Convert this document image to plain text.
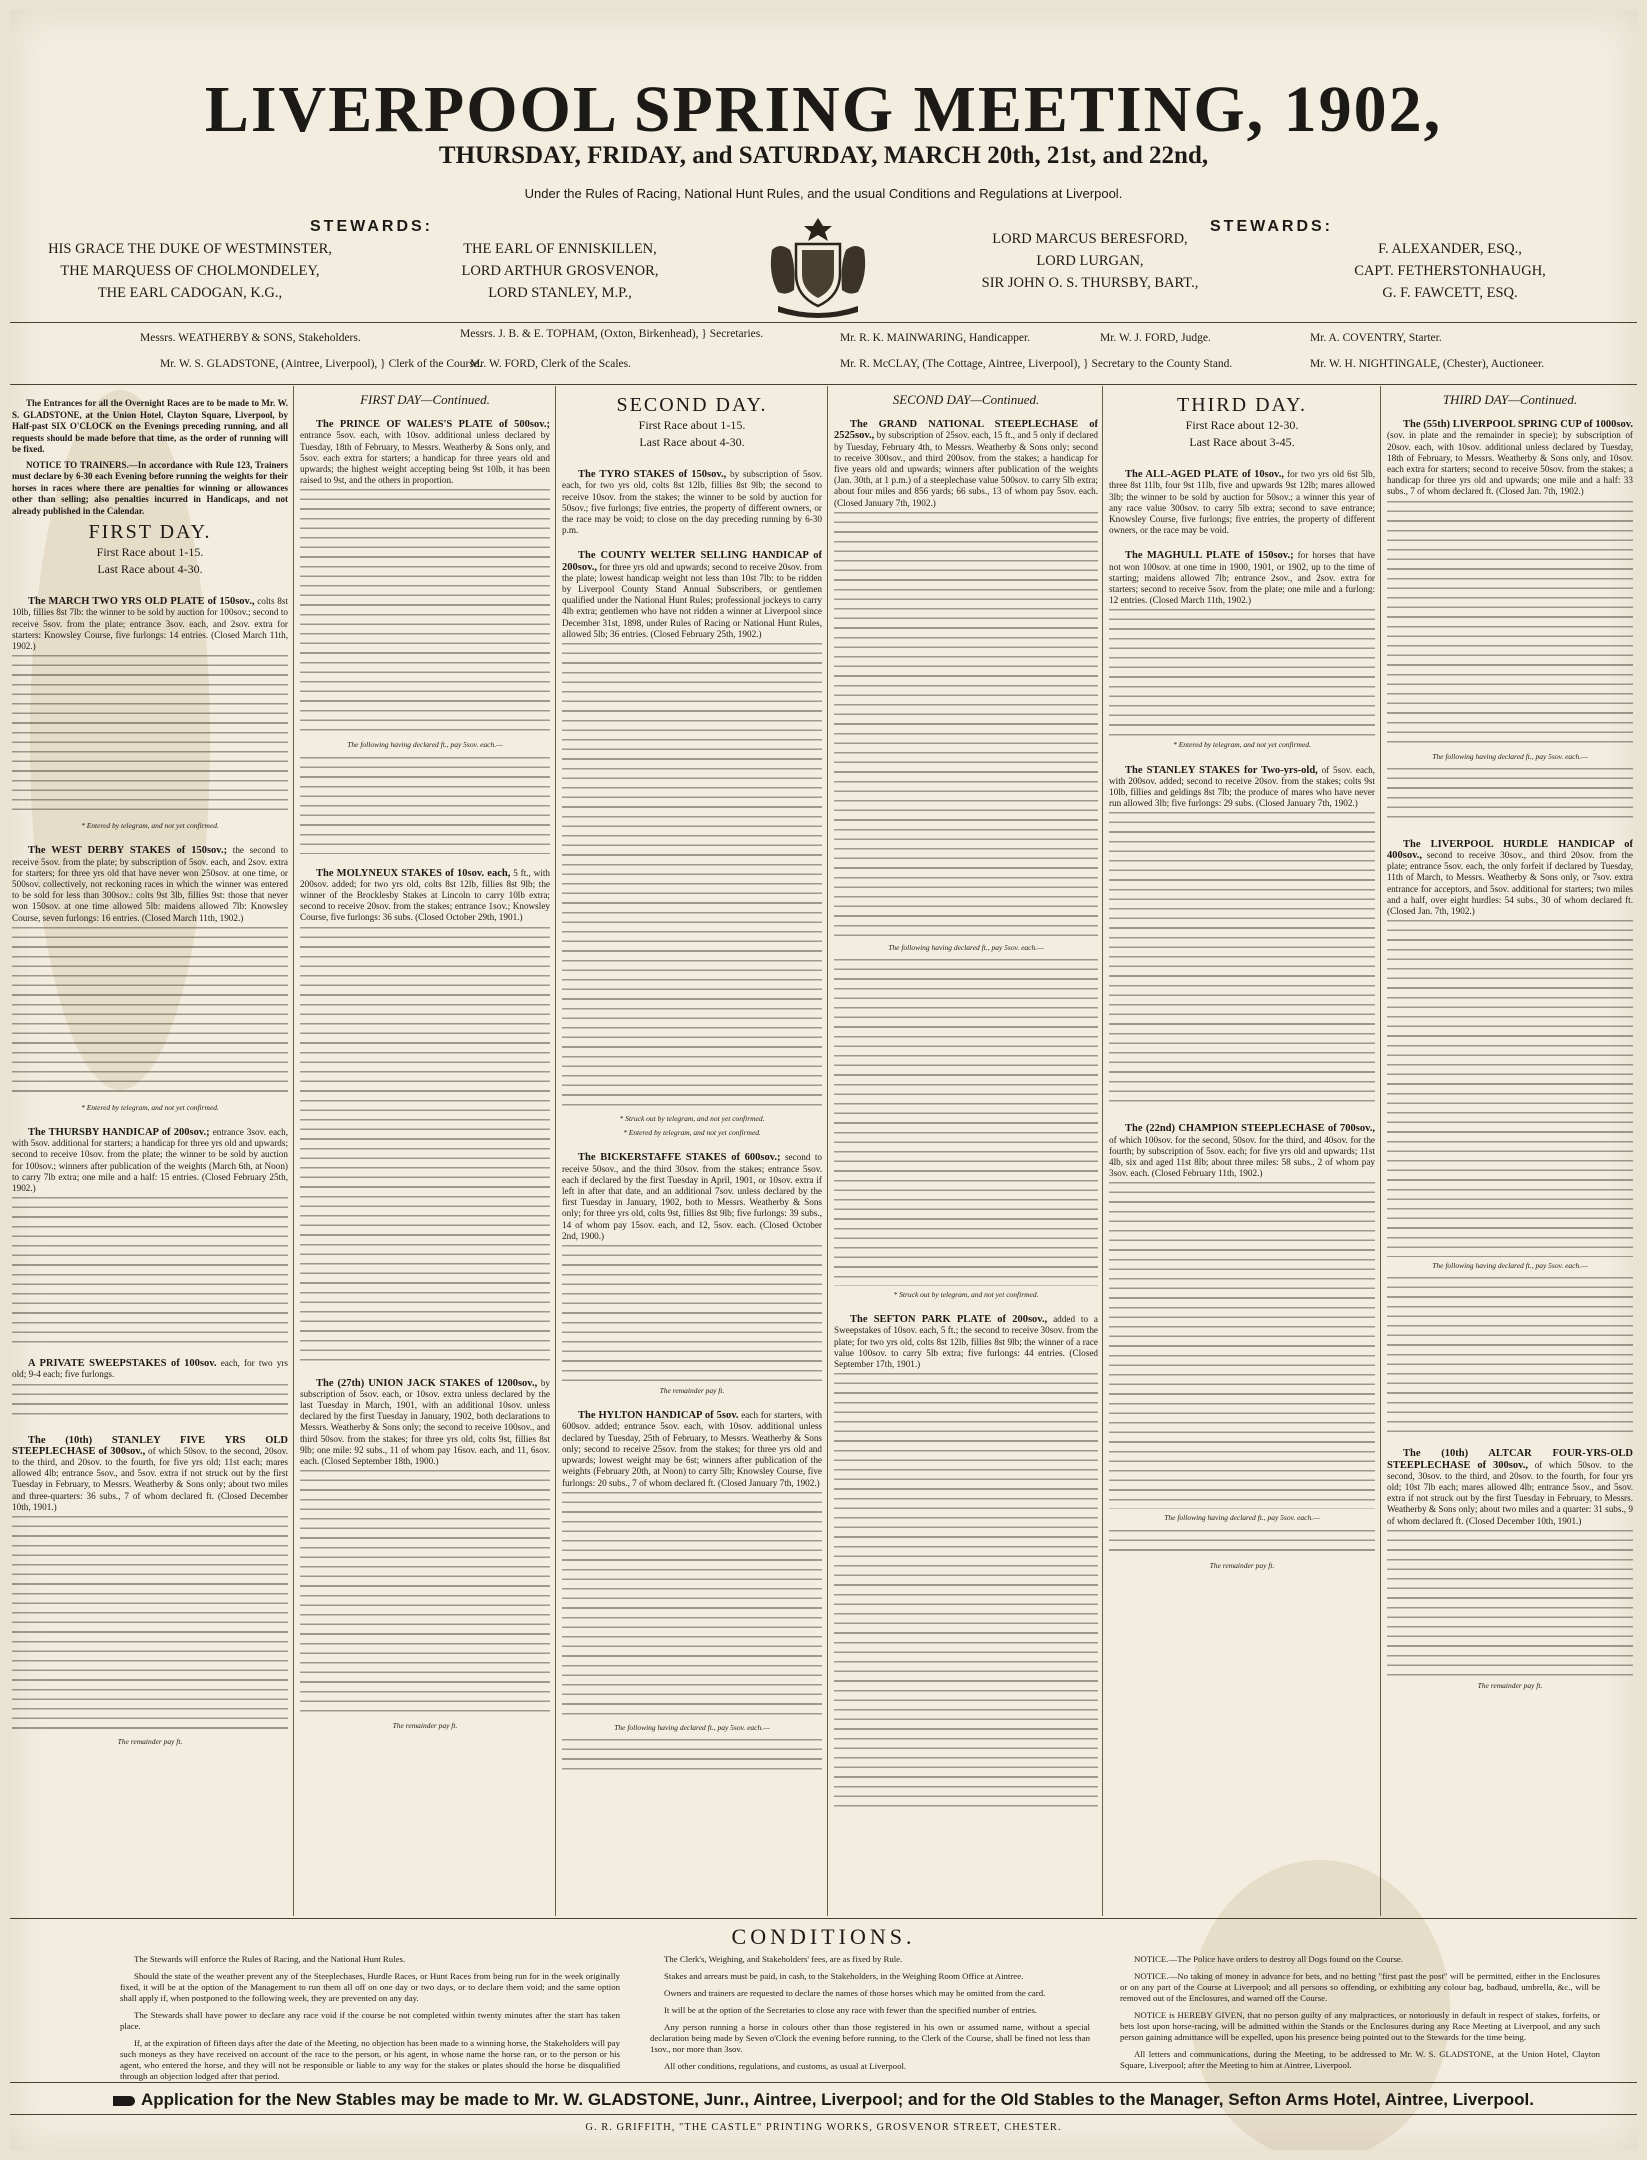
LIVERPOOL SPRING MEETING, 1902,
THURSDAY, FRIDAY, and SATURDAY, MARCH 20th, 21st, and 22nd,
Under the Rules of Racing, National Hunt Rules, and the usual Conditions and Regulations at Liverpool.
STEWARDS:	STEWARDS:
HIS GRACE THE DUKE OF WESTMINSTER,
THE MARQUESS OF CHOLMONDELEY,
THE EARL CADOGAN, K.G.,
THE EARL OF ENNISKILLEN,
LORD ARTHUR GROSVENOR,
LORD STANLEY, M.P.,
LORD MARCUS BERESFORD,
LORD LURGAN,
SIR JOHN O. S. THURSBY, BART.,
F. ALEXANDER, ESQ.,
CAPT. FETHERSTONHAUGH,
G. F. FAWCETT, ESQ.
Messrs. WEATHERBY & SONS, Stakeholders.
Mr. W. S. GLADSTONE, (Aintree, Liverpool), } Clerk of the Course.
Messrs. J. B. & E. TOPHAM, (Oxton, Birkenhead), } Secretaries.
Mr. W. FORD, Clerk of the Scales.
Mr. R. K. MAINWARING, Handicapper.
Mr. R. McCLAY, (The Cottage, Aintree, Liverpool), } Secretary to the County Stand.
Mr. W. J. FORD, Judge.	Mr. A. COVENTRY, Starter.
Mr. W. H. NIGHTINGALE, (Chester), Auctioneer.

The Entrances for all the Overnight Races are to be made to Mr. W. S. GLADSTONE, at the Union Hotel, Clayton Square, Liverpool, by Half-past SIX O'CLOCK on the Evenings preceding running, and all requests should be made before that time, as the order of running will be fixed.

NOTICE TO TRAINERS.—In accordance with Rule 123, Trainers must declare by 6-30 each Evening before running the weights for their horses in races where there are penalties for winning or allowances other than selling; also penalties incurred in Handicaps, and not already published in the Calendar.

FIRST DAY.
First Race about 1-15.
Last Race about 4-30.

The MARCH TWO YRS OLD PLATE of 150sov., colts 8st 10lb, fillies 8st 7lb: the winner to be sold by auction for 100sov.; second to receive 5sov. from the plate; entrance 3sov. each, and 2sov. extra for starters: Knowsley Course, five furlongs: 14 entries. (Closed March 11th, 1902.)

* Entered by telegram, and not yet confirmed.

The WEST DERBY STAKES of 150sov.; the second to receive 5sov. from the plate; by subscription of 5sov. each, and 2sov. extra for starters; for three yrs old that have never won 250sov. at one time, or 500sov. collectively, not reckoning races in which the winner was entered to be sold for less than 300sov.: colts 9st 3lb, fillies 9st: those that never won 150sov. at one time allowed 5lb: maidens allowed 7lb: Knowsley Course, seven furlongs: 16 entries. (Closed March 11th, 1902.)

* Entered by telegram, and not yet confirmed.

The THURSBY HANDICAP of 200sov.; entrance 3sov. each, with 5sov. additional for starters; a handicap for three yrs old and upwards; second to receive 10sov. from the plate; the winner to be sold by auction for 100sov.; winners after publication of the weights (March 6th, at Noon) to carry 7lb extra; one mile and a half: 15 entries. (Closed February 25th, 1902.)

A PRIVATE SWEEPSTAKES of 100sov. each, for two yrs old; 9-4 each; five furlongs.

The (10th) STANLEY FIVE YRS OLD STEEPLECHASE of 300sov., of which 50sov. to the second, 20sov. to the third, and 20sov. to the fourth, for five yrs old; 11st each; mares allowed 4lb; entrance 5sov., and 5sov. extra if not struck out by the first Tuesday in February, to Messrs. Weatherby & Sons only; about two miles and three-quarters: 36 subs., 7 of whom declared ft. (Closed December 10th, 1901.)

The remainder pay ft.

FIRST DAY—Continued.

The PRINCE OF WALES'S PLATE of 500sov.; entrance 5sov. each, with 10sov. additional unless declared by Tuesday, 18th of February, to Messrs. Weatherby & Sons only, and 5sov. each extra for starters; a handicap for three years old and upwards; the highest weight accepting being 9st 10lb, it has been raised to 9st, and the others in proportion.

The following having declared ft., pay 5sov. each.—

The MOLYNEUX STAKES of 10sov. each, 5 ft., with 200sov. added; for two yrs old, colts 8st 12lb, fillies 8st 9lb; the winner of the Brocklesby Stakes at Lincoln to carry 10lb extra; second to receive 20sov. from the stakes; entrance 1sov.; Knowsley Course, five furlongs: 36 subs. (Closed October 29th, 1901.)

The (27th) UNION JACK STAKES of 1200sov., by subscription of 5sov. each, or 10sov. extra unless declared by the last Tuesday in March, 1901, with an additional 10sov. unless declared by the first Tuesday in January, 1902, both declarations to Messrs. Weatherby & Sons only; the second to receive 100sov., and third 50sov. from the stakes; for three yrs old, colts 9st, fillies 8st 9lb; one mile: 92 subs., 11 of whom pay 16sov. each, and 11, 6sov. each. (Closed September 18th, 1900.)

The remainder pay ft.

SECOND DAY.
First Race about 1-15.
Last Race about 4-30.

The TYRO STAKES of 150sov., by subscription of 5sov. each, for two yrs old, colts 8st 12lb, fillies 8st 9lb; the second to receive 10sov. from the stakes; the winner to be sold by auction for 50sov.; five furlongs; five entries, the property of different owners, or the race may be void; to close on the day preceding running by 6-30 p.m.

The COUNTY WELTER SELLING HANDICAP of 200sov., for three yrs old and upwards; second to receive 20sov. from the plate; lowest handicap weight not less than 10st 7lb: to be ridden by Liverpool County Stand Annual Subscribers, or gentlemen qualified under the National Hunt Rules; professional jockeys to carry 4lb extra; gentlemen who have not ridden a winner at Liverpool since December 31st, 1898, under Rules of Racing or National Hunt Rules, allowed 5lb; 36 entries. (Closed February 25th, 1902.)

* Struck out by telegram, and not yet confirmed.

* Entered by telegram, and not yet confirmed.

The BICKERSTAFFE STAKES of 600sov.; second to receive 50sov., and the third 30sov. from the stakes; entrance 5sov. each if declared by the first Tuesday in April, 1901, or 10sov. extra if left in after that date, and an additional 7sov. unless declared by the first Tuesday in January, 1902, both to Messrs. Weatherby & Sons only; for three yrs old, colts 9st, fillies 8st 9lb; five furlongs: 39 subs., 14 of whom pay 15sov. each, and 12, 5sov. each. (Closed October 2nd, 1900.)

The remainder pay ft.

The HYLTON HANDICAP of 5sov. each for starters, with 600sov. added; entrance 5sov. each, with 10sov. additional unless declared by Tuesday, 25th of February, to Messrs. Weatherby & Sons only; second to receive 25sov. from the stakes; for three yrs old and upwards; lowest weight may be 6st; winners after publication of the weights (February 20th, at Noon) to carry 5lb; Knowsley Course, five furlongs: 20 subs., 7 of whom declared ft. (Closed January 7th, 1902.)

The following having declared ft., pay 5sov. each.—

SECOND DAY—Continued.

The GRAND NATIONAL STEEPLECHASE of 2525sov., by subscription of 25sov. each, 15 ft., and 5 only if declared by Tuesday, February 4th, to Messrs. Weatherby & Sons only; second to receive 300sov., and third 200sov. from the stakes; a handicap for five years old and upwards; winners after publication of the weights (Jan. 30th, at 1 p.m.) of a steeplechase value 500sov. to carry 5lb extra; about four miles and 856 yards; 66 subs., 13 of whom pay 5sov. each. (Closed January 7th, 1902.)

The following having declared ft., pay 5sov. each.—

* Struck out by telegram, and not yet confirmed.

The SEFTON PARK PLATE of 200sov., added to a Sweepstakes of 10sov. each, 5 ft.; the second to receive 30sov. from the plate; for two yrs old, colts 8st 12lb, fillies 8st 9lb; the winner of a race value 100sov. to carry 5lb extra; five furlongs: 44 entries. (Closed September 17th, 1901.)

THIRD DAY.
First Race about 12-30.
Last Race about 3-45.

The ALL-AGED PLATE of 10sov., for two yrs old 6st 5lb, three 8st 11lb, four 9st 11lb, five and upwards 9st 12lb; mares allowed 3lb; the winner to be sold by auction for 50sov.; a winner this year of any race value 300sov. to carry 5lb extra; second to save entrance; Knowsley Course, five furlongs; five entries, the property of different owners, or the race may be void.

The MAGHULL PLATE of 150sov.; for horses that have not won 100sov. at one time in 1900, 1901, or 1902, up to the time of starting; maidens allowed 7lb; entrance 2sov., and 2sov. extra for starters; second to receive 5sov. from the plate; one mile and a furlong: 12 entries. (Closed March 11th, 1902.)

* Entered by telegram, and not yet confirmed.

The STANLEY STAKES for Two-yrs-old, of 5sov. each, with 200sov. added; second to receive 20sov. from the stakes; colts 9st 10lb, fillies and geldings 8st 7lb; the produce of mares who have never run allowed 3lb; five furlongs: 29 subs. (Closed January 7th, 1902.)

The (22nd) CHAMPION STEEPLECHASE of 700sov., of which 100sov. for the second, 50sov. for the third, and 40sov. for the fourth; by subscription of 5sov. each; for five yrs old and upwards; 11st 4lb, six and aged 11st 8lb; about three miles: 58 subs., 2 of whom pay 3sov. each. (Closed February 11th, 1902.)

The following having declared ft., pay 5sov. each.—

The remainder pay ft.

THIRD DAY—Continued.

The (55th) LIVERPOOL SPRING CUP of 1000sov. (sov. in plate and the remainder in specie); by subscription of 20sov. each, with 10sov. additional unless declared by Tuesday, 18th of February, to Messrs. Weatherby & Sons only, and 10sov. each extra for starters; second to receive 50sov. from the stakes; a handicap for three yrs old and upwards; one mile and a half: 33 subs., 7 of whom declared ft. (Closed Jan. 7th, 1902.)

The following having declared ft., pay 5sov. each.—

The LIVERPOOL HURDLE HANDICAP of 400sov., second to receive 30sov., and third 20sov. from the plate; entrance 5sov. each, the only forfeit if declared by Tuesday, 11th of March, to Messrs. Weatherby & Sons only, or 7sov. extra entrance for acceptors, and 5sov. additional for starters; two miles and a half, over eight hurdles: 54 subs., 30 of whom declared ft. (Closed Jan. 7th, 1902.)

The following having declared ft., pay 5sov. each.—

The (10th) ALTCAR FOUR-YRS-OLD STEEPLECHASE of 300sov., of which 50sov. to the second, 30sov. to the third, and 20sov. to the fourth, for four yrs old; 10st 7lb each; mares allowed 4lb; entrance 5sov., and 5sov. extra if not struck out by the first Tuesday in February, to Messrs. Weatherby & Sons only; about two miles and a quarter: 31 subs., 9 of whom declared ft. (Closed December 10th, 1901.)

The remainder pay ft.

CONDITIONS.

The Stewards will enforce the Rules of Racing, and the National Hunt Rules.

Should the state of the weather prevent any of the Steeplechases, Hurdle Races, or Hunt Races from being run for in the week originally fixed, it will be at the option of the Management to run them all off on one day or two days, or to declare them void; and the same option shall apply if, when postponed to the following week, they are prevented on any day.

The Stewards shall have power to declare any race void if the course be not completed within twenty minutes after the start has taken place.

If, at the expiration of fifteen days after the date of the Meeting, no objection has been made to a winning horse, the Stakeholders will pay such moneys as they have received on account of the race to the person, or his agent, in whose name the horse ran, or to the person or his agent, who entered the horse, and they will not be responsible or liable to any way for the stakes or plates should the horse be disqualified through an objection lodged after that period.

The Clerk's, Weighing, and Stakeholders' fees, are as fixed by Rule.

Stakes and arrears must be paid, in cash, to the Stakeholders, in the Weighing Room Office at Aintree.

Owners and trainers are requested to declare the names of those horses which may be omitted from the card.

It will be at the option of the Secretaries to close any race with fewer than the specified number of entries.

Any person running a horse in colours other than those registered in his own or assumed name, without a special declaration being made by Seven o'Clock the evening before running, to the Clerk of the Course, shall be fined not less than 1sov., nor more than 3sov.

All other conditions, regulations, and customs, as usual at Liverpool.

NOTICE.—The Police have orders to destroy all Dogs found on the Course.

NOTICE.—No taking of money in advance for bets, and no betting "first past the post" will be permitted, either in the Enclosures or on any part of the Course at Liverpool; and all persons so offending, or exhibiting any colour bag, badbaud, umbrella, &c., will be removed out of the Enclosures, and warned off the Course.

NOTICE is HEREBY GIVEN, that no person guilty of any malpractices, or notoriously in default in respect of stakes, forfeits, or bets lost upon horse-racing, will be admitted within the Stands or the Enclosures during any Race Meeting at Liverpool, and any such person gaining admittance will be expelled, upon his presence being pointed out to the Stewards for the time being.

All letters and communications, during the Meeting, to be addressed to Mr. W. S. GLADSTONE, at the Union Hotel, Clayton Square, Liverpool; after the Meeting to him at Aintree, Liverpool.

Application for the New Stables may be made to Mr. W. GLADSTONE, Junr., Aintree, Liverpool; and for the Old Stables to the Manager, Sefton Arms Hotel, Aintree, Liverpool.
G. R. GRIFFITH, "THE CASTLE" PRINTING WORKS, GROSVENOR STREET, CHESTER.
